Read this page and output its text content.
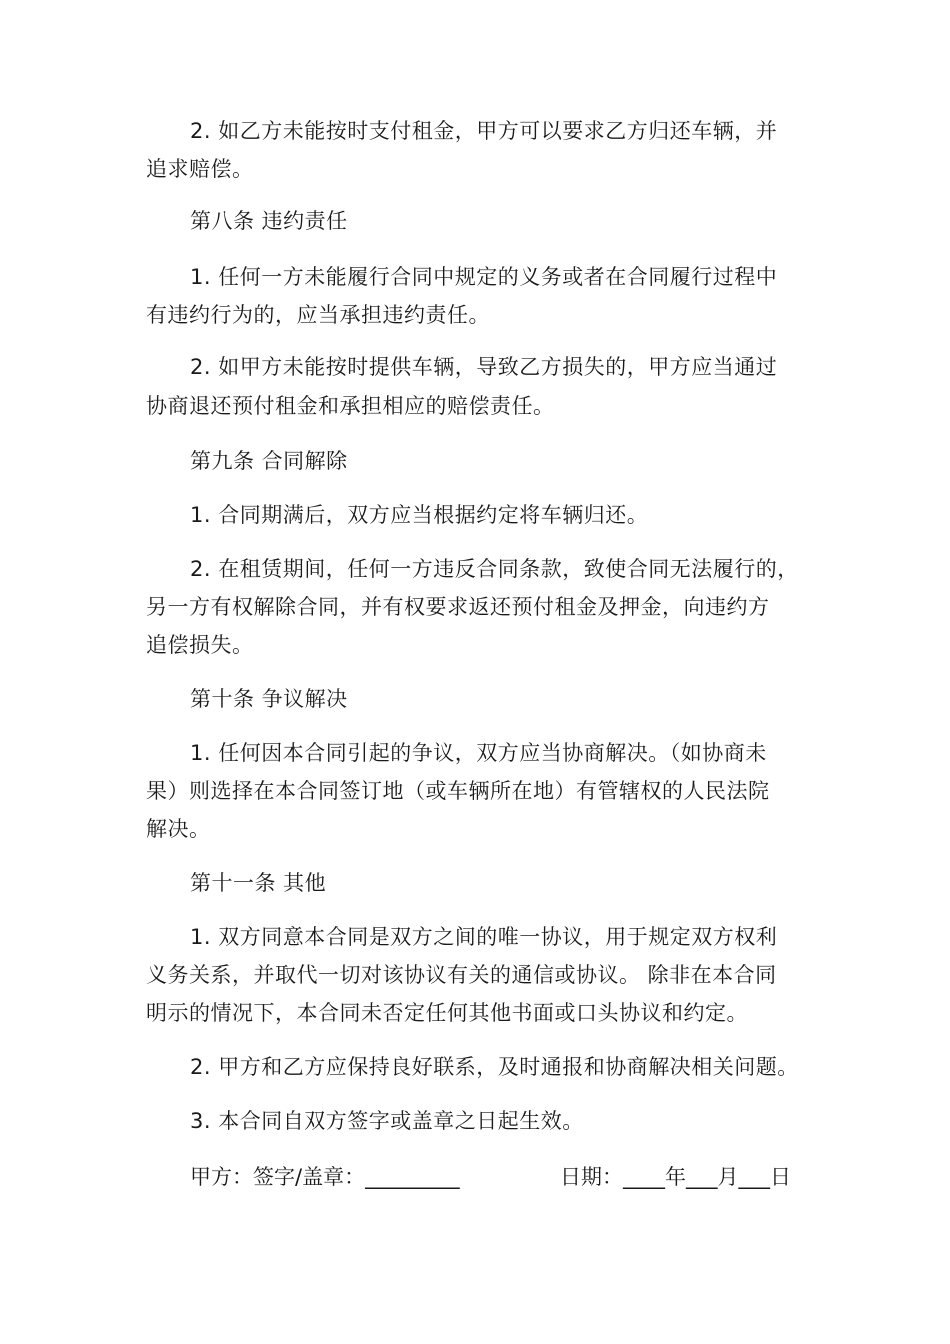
2. 如乙方未能按时支付租金，甲方可以要求乙方归还车辆，并
追求赔偿。
第八条 违约责任
1. 任何一方未能履行合同中规定的义务或者在合同履行过程中
有违约行为的，应当承担违约责任。
2. 如甲方未能按时提供车辆，导致乙方损失的，甲方应当通过
协商退还预付租金和承担相应的赔偿责任。
第九条 合同解除
1. 合同期满后，双方应当根据约定将车辆归还。
2. 在租赁期间，任何一方违反合同条款，致使合同无法履行的，
另一方有权解除合同，并有权要求返还预付租金及押金，向违约方
追偿损失。
第十条 争议解决
1. 任何因本合同引起的争议，双方应当协商解决。（如协商未
果）则选择在本合同签订地（或车辆所在地）有管辖权的人民法院
解决。
第十一条 其他
1. 双方同意本合同是双方之间的唯一协议，用于规定双方权利
义务关系，并取代一切对该协议有关的通信或协议。 除非在本合同
明示的情况下，本合同未否定任何其他书面或口头协议和约定。
2. 甲方和乙方应保持良好联系，及时通报和协商解决相关问题。
3. 本合同自双方签字或盖章之日起生效。
甲方：签字/盖章：_________	日期：____年___月___日
